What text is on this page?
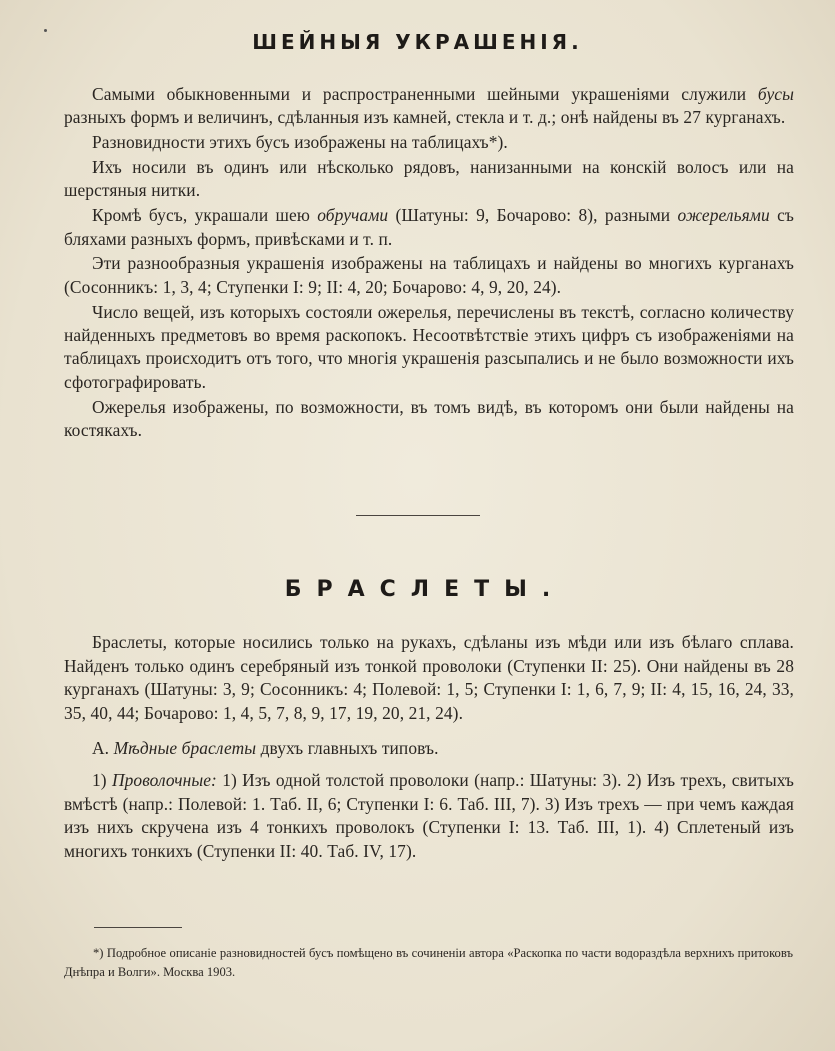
ШЕЙНЫЯ УКРАШЕНІЯ.

Самыми обыкновенными и распространенными шейными украшеніями служили бусы разныхъ формъ и величинъ, сдѣланныя изъ камней, стекла и т. д.; онѣ найдены въ 27 курганахъ.

Разновидности этихъ бусъ изображены на таблицахъ*).

Ихъ носили въ одинъ или нѣсколько рядовъ, нанизанными на конскій волосъ или на шерстяныя нитки.

Кромѣ бусъ, украшали шею обручами (Шатуны: 9, Бочарово: 8), разными ожерельями съ бляхами разныхъ формъ, привѣсками и т. п.

Эти разнообразныя украшенія изображены на таблицахъ и найдены во многихъ курганахъ (Сосонникъ: 1, 3, 4; Ступенки I: 9; II: 4, 20; Бочарово: 4, 9, 20, 24).

Число вещей, изъ которыхъ состояли ожерелья, перечислены въ текстѣ, согласно количеству найденныхъ предметовъ во время раскопокъ. Несоотвѣтствіе этихъ цифръ съ изображеніями на таблицахъ происходитъ отъ того, что многія украшенія разсыпались и не было возможности ихъ сфотографировать.

Ожерелья изображены, по возможности, въ томъ видѣ, въ которомъ они были найдены на костякахъ.

БРАСЛЕТЫ.

Браслеты, которые носились только на рукахъ, сдѣланы изъ мѣди или изъ бѣлаго сплава. Найденъ только одинъ серебряный изъ тонкой проволоки (Ступенки II: 25). Они найдены въ 28 курганахъ (Шатуны: 3, 9; Сосонникъ: 4; Полевой: 1, 5; Ступенки I: 1, 6, 7, 9; II: 4, 15, 16, 24, 33, 35, 40, 44; Бочарово: 1, 4, 5, 7, 8, 9, 17, 19, 20, 21, 24).

А. Мѣдные браслеты двухъ главныхъ типовъ.

1) Проволочные: 1) Изъ одной толстой проволоки (напр.: Шатуны: 3). 2) Изъ трехъ, свитыхъ вмѣстѣ (напр.: Полевой: 1. Таб. II, 6; Ступенки I: 6. Таб. III, 7). 3) Изъ трехъ — при чемъ каждая изъ нихъ скручена изъ 4 тонкихъ проволокъ (Ступенки I: 13. Таб. III, 1). 4) Сплетеный изъ многихъ тонкихъ (Ступенки II: 40. Таб. IV, 17).

*) Подробное описаніе разновидностей бусъ помѣщено въ сочиненіи автора «Раскопка по части водораздѣла верхнихъ притоковъ Днѣпра и Волги». Москва 1903.
